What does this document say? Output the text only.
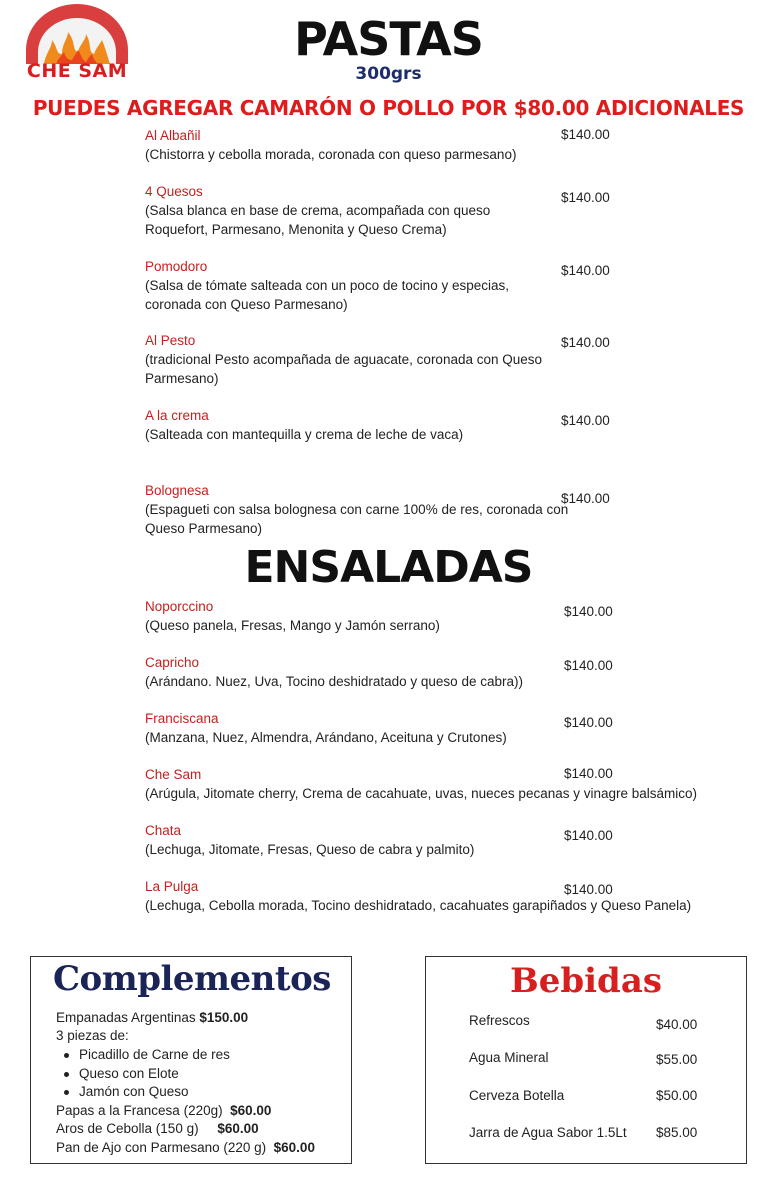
CHE SAM
PASTAS
300grs
PUEDES AGREGAR CAMARÓN O POLLO POR $80.00 ADICIONALES
Al Albañil
(Chistorra y cebolla morada, coronada con queso parmesano)
$140.00
4 Quesos
(Salsa blanca en base de crema, acompañada con queso Roquefort, Parmesano, Menonita y Queso Crema)
$140.00
Pomodoro
(Salsa de tómate salteada con un poco de tocino y especias, coronada con Queso Parmesano)
$140.00
Al Pesto
(tradicional Pesto acompañada de aguacate, coronada con Queso Parmesano)
$140.00
A la crema
(Salteada con mantequilla y crema de leche de vaca)
$140.00
Bolognesa
(Espagueti con salsa bolognesa con carne 100% de res, coronada con Queso Parmesano)
$140.00
ENSALADAS
Noporccino
(Queso panela, Fresas, Mango y Jamón serrano)
$140.00
Capricho
(Arándano. Nuez, Uva, Tocino deshidratado y queso de cabra))
$140.00
Franciscana
(Manzana, Nuez, Almendra, Arándano, Aceituna y Crutones)
$140.00
Che Sam
(Arúgula, Jitomate cherry, Crema de cacahuate, uvas, nueces pecanas y vinagre balsámico)
$140.00
Chata
(Lechuga, Jitomate, Fresas, Queso de cabra y palmito)
$140.00
La Pulga
(Lechuga, Cebolla morada, Tocino deshidratado, cacahuates garapiñados y Queso Panela)
$140.00
Complementos
Empanadas Argentinas $150.00
3 piezas de:
Picadillo de Carne de res
Queso con Elote
Jamón con Queso
Papas a la Francesa (220g) $60.00
Aros de Cebolla (150 g) $60.00
Pan de Ajo con Parmesano (220 g) $60.00
Bebidas
Refrescos	$40.00
Agua Mineral	$55.00
Cerveza Botella	$50.00
Jarra de Agua Sabor 1.5Lt $85.00
